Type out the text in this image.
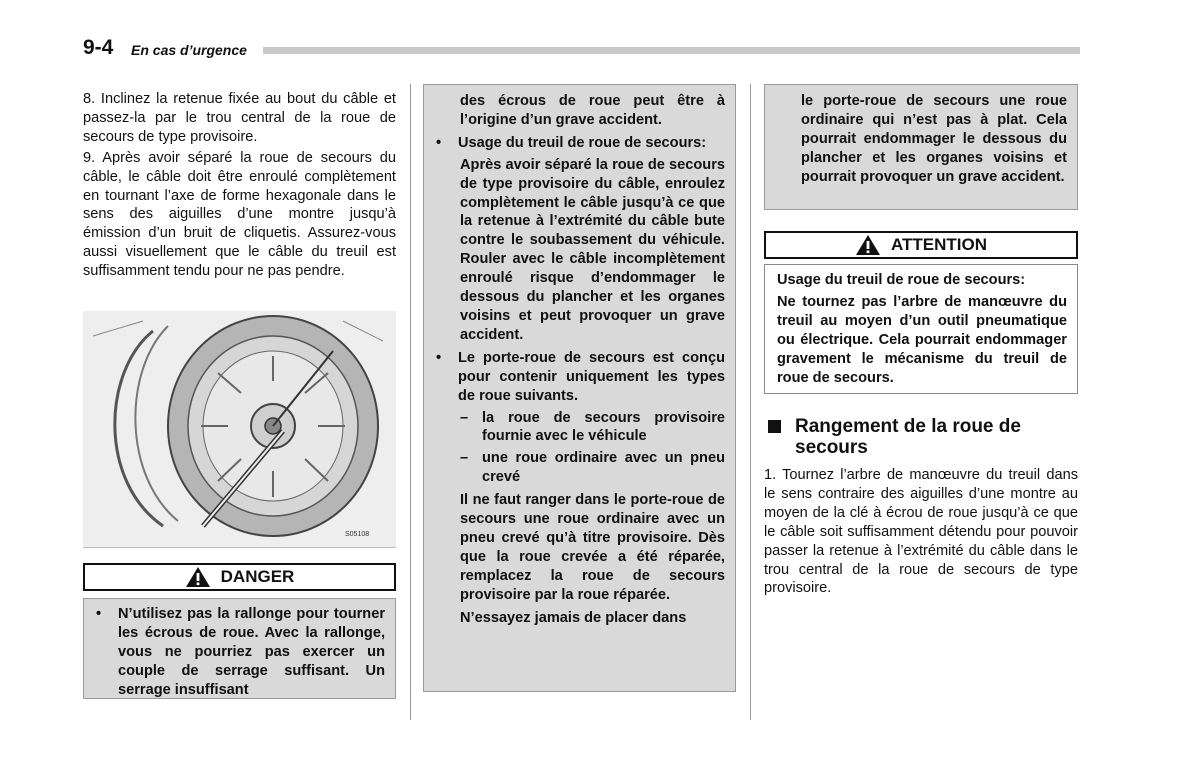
9-4 En cas d’urgence

8. Inclinez la retenue fixée au bout du câble et passez-la par le trou central de la roue de secours de type provisoire.

9. Après avoir séparé la roue de secours du câble, le câble doit être enroulé complètement en tournant l’axe de forme hexagonale dans le sens des aiguilles d’une montre jusqu’à émission d’un bruit de cliquetis. Assurez-vous aussi visuellement que le câble du treuil est suffisamment tendu pour ne pas pendre.

S05108
DANGER
•	N’utilisez pas la rallonge pour tourner les écrous de roue. Avec la rallonge, vous ne pourriez pas exercer un couple de serrage suffisant. Un serrage insuffisant
des écrous de roue peut être à l’origine d’un grave accident.
•	Usage du treuil de roue de secours:
Après avoir séparé la roue de secours de type provisoire du câble, enroulez complètement le câble jusqu’à ce que la retenue à l’extrémité du câble bute contre le soubassement du véhicule. Rouler avec le câble incomplètement enroulé risque d’endommager le dessous du plancher et les organes voisins et peut provoquer un grave accident.
•	Le porte-roue de secours est conçu pour contenir uniquement les types de roue suivants.
– la roue de secours provisoire fournie avec le véhicule
– une roue ordinaire avec un pneu crevé
Il ne faut ranger dans le porte-roue de secours une roue ordinaire avec un pneu crevé qu’à titre provisoire. Dès que la roue crevée a été réparée, remplacez la roue de secours provisoire par la roue réparée.
N’essayez jamais de placer dans
le porte-roue de secours une roue ordinaire qui n’est pas à plat. Cela pourrait endommager le dessous du plancher et les organes voisins et pourrait provoquer un grave accident.
ATTENTION
Usage du treuil de roue de secours:
Ne tournez pas l’arbre de manœuvre du treuil au moyen d’un outil pneumatique ou électrique. Cela pourrait endommager gravement le mécanisme du treuil de roue de secours.
Rangement de la roue de secours
1. Tournez l’arbre de manœuvre du treuil dans le sens contraire des aiguilles d’une montre au moyen de la clé à écrou de roue jusqu’à ce que le câble soit suffisamment détendu pour pouvoir passer la retenue à l’extrémité du câble dans le trou central de la roue de secours de type provisoire.
